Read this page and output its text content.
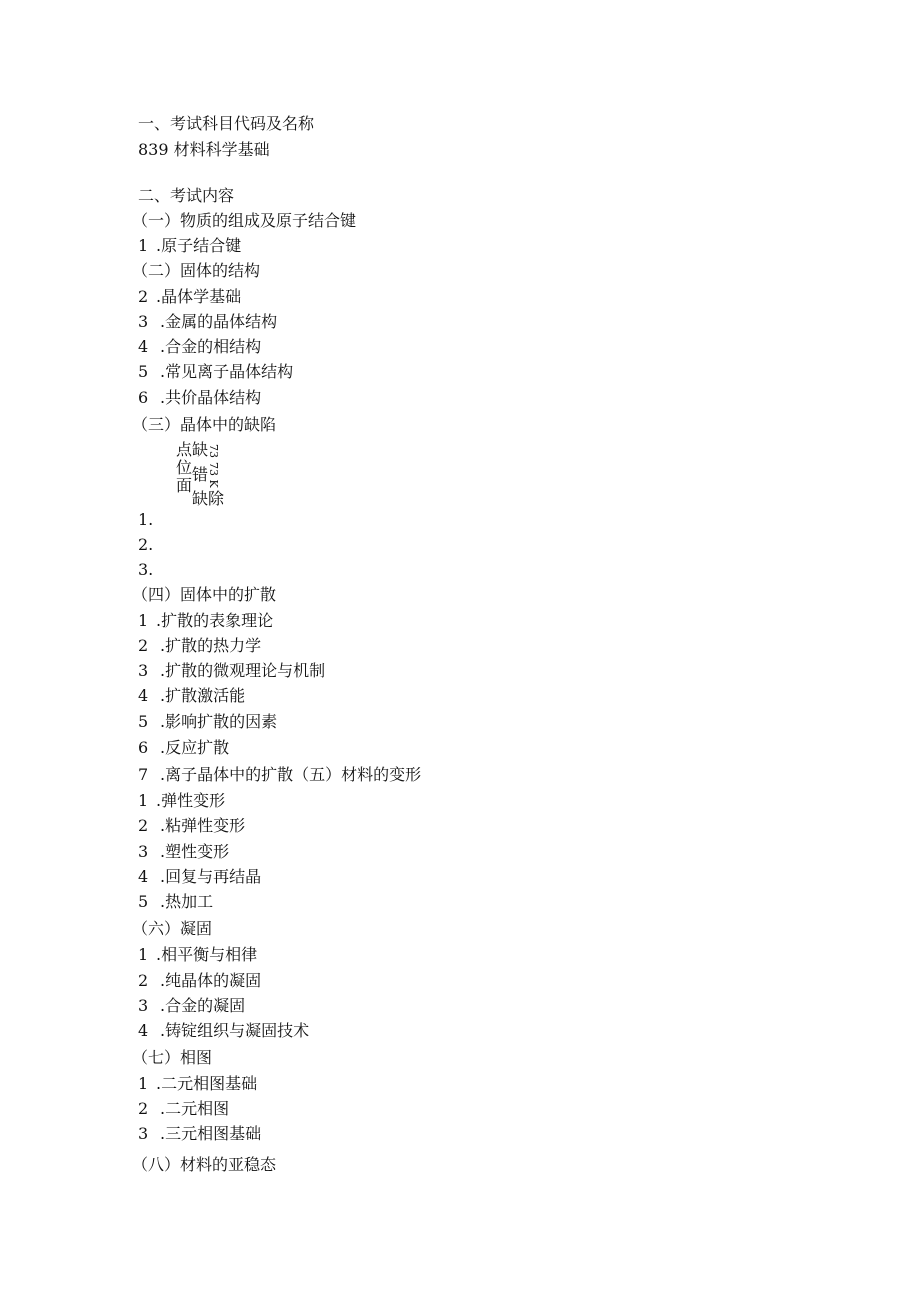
一、考试科目代码及名称

839 材料科学基础

二、考试内容

（一）物质的组成及原子结合键

1 .原子结合键

（二）固体的结构

2 .晶体学基础

3 .金属的晶体结构

4 .合金的相结构

5 .常见离子晶体结构

6 .共价晶体结构

（三）晶体中的缺陷

点缺
73
位 错
73 K
面
缺除

1.

2.

3.

（四）固体中的扩散

1 .扩散的表象理论

2 .扩散的热力学

3 .扩散的微观理论与机制

4 .扩散激活能

5 .影响扩散的因素

6 .反应扩散

7 .离子晶体中的扩散（五）材料的变形

1 .弹性变形

2 .粘弹性变形

3 .塑性变形

4 .回复与再结晶

5 .热加工

（六）凝固

1 .相平衡与相律

2 .纯晶体的凝固

3 .合金的凝固

4 .铸锭组织与凝固技术

（七）相图

1 .二元相图基础

2 .二元相图

3 .三元相图基础

（八）材料的亚稳态
